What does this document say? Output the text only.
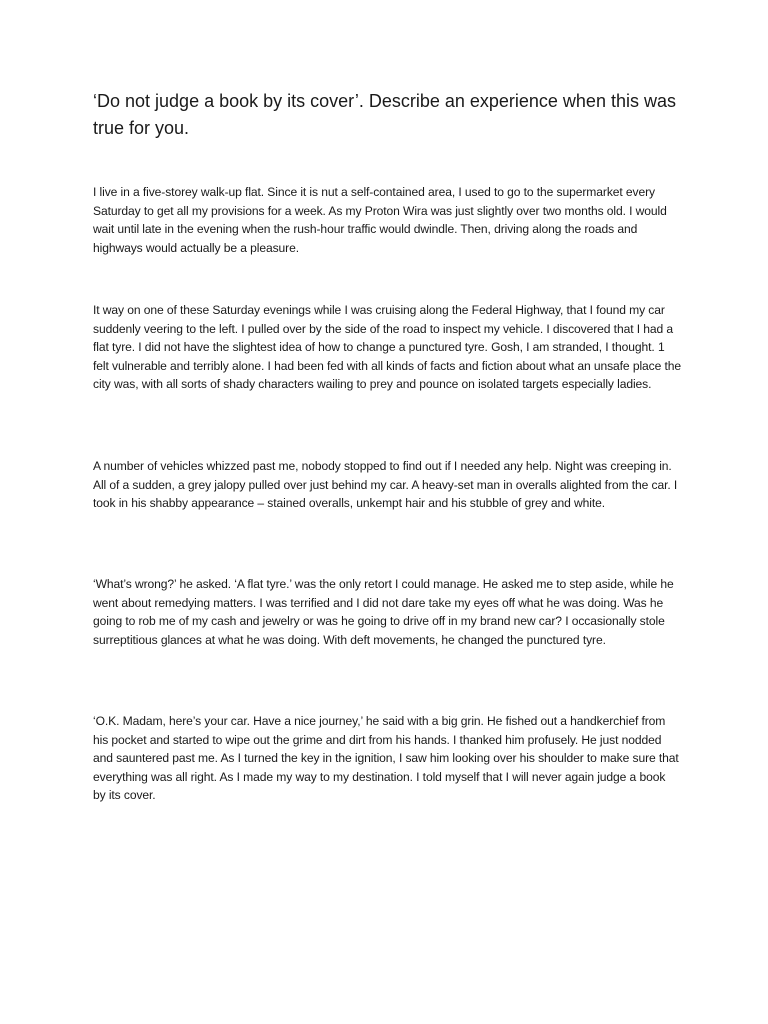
‘Do not judge a book by its cover’. Describe an experience when this was true for you.

I live in a five-storey walk-up flat. Since it is nut a self-contained area, I used to go to the supermarket every Saturday to get all my provisions for a week. As my Proton Wira was just slightly over two months old. I would wait until late in the evening when the rush-hour traffic would dwindle. Then, driving along the roads and highways would actually be a pleasure.

It way on one of these Saturday evenings while I was cruising along the Federal Highway, that I found my car suddenly veering to the left. I pulled over by the side of the road to inspect my vehicle. I discovered that I had a flat tyre. I did not have the slightest idea of how to change a punctured tyre. Gosh, I am stranded, I thought. 1 felt vulnerable and terribly alone. I had been fed with all kinds of facts and fiction about what an unsafe place the city was, with all sorts of shady characters wailing to prey and pounce on isolated targets especially ladies.

A number of vehicles whizzed past me, nobody stopped to find out if I needed any help. Night was creeping in. All of a sudden, a grey jalopy pulled over just behind my car. A heavy-set man in overalls alighted from the car. I took in his shabby appearance – stained overalls, unkempt hair and his stubble of grey and white.

‘What’s wrong?’ he asked. ‘A flat tyre.’ was the only retort I could manage. He asked me to step aside, while he went about remedying matters. I was terrified and I did not dare take my eyes off what he was doing. Was he going to rob me of my cash and jewelry or was he going to drive off in my brand new car? I occasionally stole surreptitious glances at what he was doing. With deft movements, he changed the punctured tyre.

‘O.K. Madam, here’s your car. Have a nice journey,’ he said with a big grin. He fished out a handkerchief from his pocket and started to wipe out the grime and dirt from his hands. I thanked him profusely. He just nodded and sauntered past me. As I turned the key in the ignition, I saw him looking over his shoulder to make sure that everything was all right. As I made my way to my destination. I told myself that I will never again judge a book by its cover.
